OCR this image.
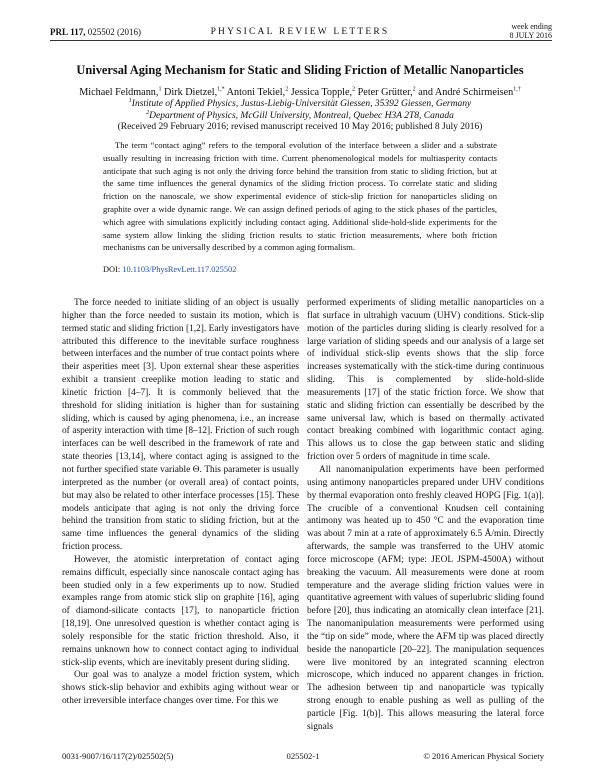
PRL 117, 025502 (2016)	PHYSICAL REVIEW LETTERS
week ending
8 JULY 2016
Universal Aging Mechanism for Static and Sliding Friction of Metallic Nanoparticles
Michael Feldmann,$^1$ Dirk Dietzel,$^{1,*}$ Antoni Tekiel,$^2$ Jessica Topple,$^2$ Peter Grütter,$^2$ and André Schirmeisen$^{1,\dagger}$
$^1$Institute of Applied Physics, Justus-Liebig-Universität Giessen, 35392 Giessen, Germany
$^2$Department of Physics, McGill University, Montreal, Quebec H3A 2T8, Canada
(Received 29 February 2016; revised manuscript received 10 May 2016; published 8 July 2016)

The term “contact aging” refers to the temporal evolution of the interface between a slider and a substrate usually resulting in increasing friction with time. Current phenomenological models for multiasperity contacts anticipate that such aging is not only the driving force behind the transition from static to sliding friction, but at the same time influences the general dynamics of the sliding friction process. To correlate static and sliding friction on the nanoscale, we show experimental evidence of stick-slip friction for nanoparticles sliding on graphite over a wide dynamic range. We can assign defined periods of aging to the stick phases of the particles, which agree with simulations explicitly including contact aging. Additional slide-hold-slide experiments for the same system allow linking the sliding friction results to static friction measurements, where both friction mechanisms can be universally described by a common aging formalism.

DOI: 10.1103/PhysRevLett.117.025502

The force needed to initiate sliding of an object is usually higher than the force needed to sustain its motion, which is termed static and sliding friction [1,2]. Early investigators have attributed this difference to the inevitable surface roughness between interfaces and the number of true contact points where their asperities meet [3]. Upon external shear these asperities exhibit a transient creeplike motion leading to static and kinetic friction [4–7]. It is commonly believed that the threshold for sliding initiation is higher than for sustaining sliding, which is caused by aging phenomena, i.e., an increase of asperity interaction with time [8–12]. Friction of such rough interfaces can be well described in the framework of rate and state theories [13,14], where contact aging is assigned to the not further specified state variable Θ. This parameter is usually interpreted as the number (or overall area) of contact points, but may also be related to other interface processes [15]. These models anticipate that aging is not only the driving force behind the transition from static to sliding friction, but at the same time influences the general dynamics of the sliding friction process.

However, the atomistic interpretation of contact aging remains difficult, especially since nanoscale contact aging has been studied only in a few experiments up to now. Studied examples range from atomic stick slip on graphite [16], aging of diamond-silicate contacts [17], to nanoparticle friction [18,19]. One unresolved question is whether contact aging is solely responsible for the static friction threshold. Also, it remains unknown how to connect contact aging to individual stick-slip events, which are inevitably present during sliding.

Our goal was to analyze a model friction system, which shows stick-slip behavior and exhibits aging without wear or other irreversible interface changes over time. For this we

performed experiments of sliding metallic nanoparticles on a flat surface in ultrahigh vacuum (UHV) conditions. Stick-slip motion of the particles during sliding is clearly resolved for a large variation of sliding speeds and our analysis of a large set of individual stick-slip events shows that the slip force increases systematically with the stick-time during continuous sliding. This is complemented by slide-hold-slide measurements [17] of the static friction force. We show that static and sliding friction can essentially be described by the same universal law, which is based on thermally activated contact breaking combined with logarithmic contact aging. This allows us to close the gap between static and sliding friction over 5 orders of magnitude in time scale.

All nanomanipulation experiments have been performed using antimony nanoparticles prepared under UHV conditions by thermal evaporation onto freshly cleaved HOPG [Fig. 1(a)]. The crucible of a conventional Knudsen cell containing antimony was heated up to 450 °C and the evaporation time was about 7 min at a rate of approximately 6.5 Å/min. Directly afterwards, the sample was transferred to the UHV atomic force microscope (AFM; type: JEOL JSPM-4500A) without breaking the vacuum. All measurements were done at room temperature and the average sliding friction values were in quantitative agreement with values of superlubric sliding found before [20], thus indicating an atomically clean interface [21]. The nanomanipulation measurements were performed using the “tip on side” mode, where the AFM tip was placed directly beside the nanoparticle [20–22]. The manipulation sequences were live monitored by an integrated scanning electron microscope, which induced no apparent changes in friction. The adhesion between tip and nanoparticle was typically strong enough to enable pushing as well as pulling of the particle [Fig. 1(b)]. This allows measuring the lateral force signals

0031-9007/16/117(2)/025502(5)	025502-1	© 2016 American Physical Society
